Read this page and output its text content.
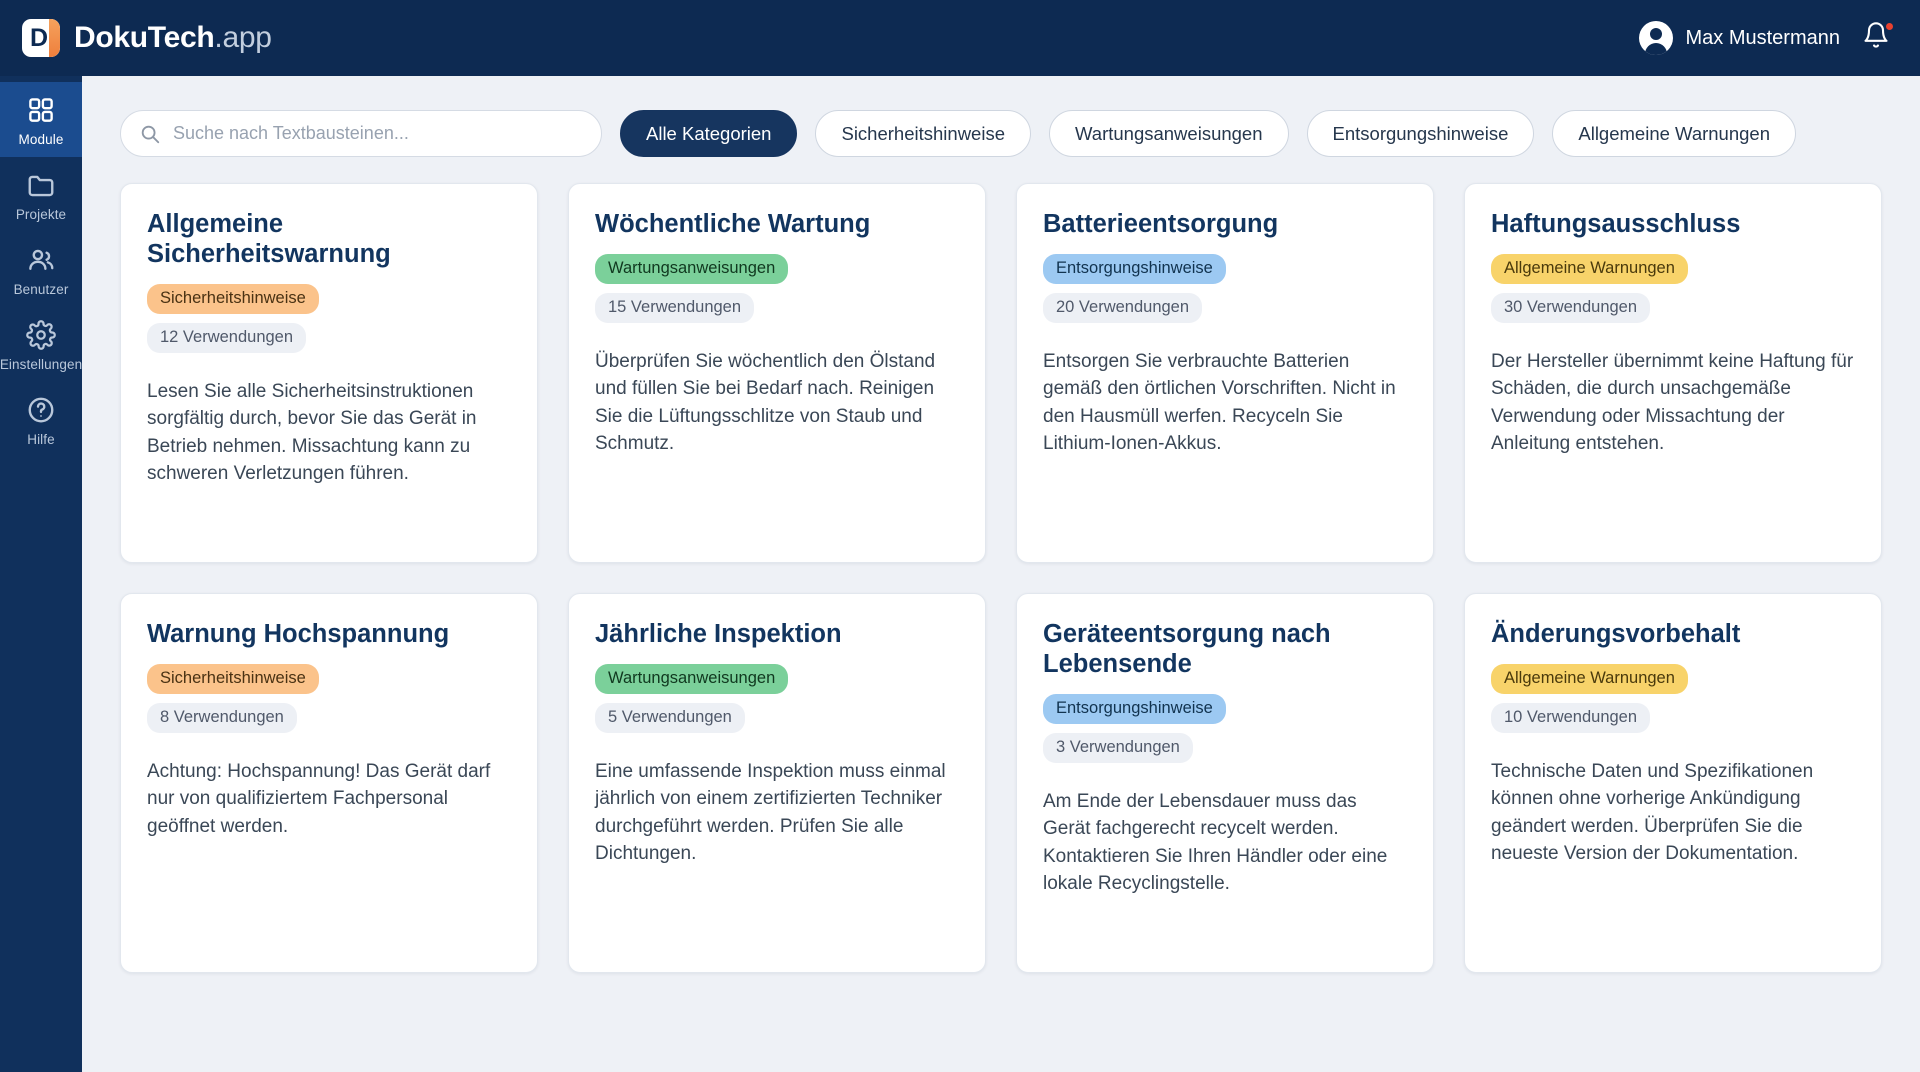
D DokuTech.app	Max Mustermann
Module
Projekte
Benutzer
Einstellungen
Hilfe
Suche nach Textbausteinen...
Alle Kategorien	Sicherheitshinweise	Wartungsanweisungen	Entsorgungshinweise	Allgemeine Warnungen
Allgemeine Sicherheitswarnung
Sicherheitshinweise
12 Verwendungen
Lesen Sie alle Sicherheitsinstruktionen sorgfältig durch, bevor Sie das Gerät in Betrieb nehmen. Missachtung kann zu schweren Verletzungen führen.
Wöchentliche Wartung
Wartungsanweisungen
15 Verwendungen
Überprüfen Sie wöchentlich den Ölstand und füllen Sie bei Bedarf nach. Reinigen Sie die Lüftungsschlitze von Staub und Schmutz.
Batterieentsorgung
Entsorgungshinweise
20 Verwendungen
Entsorgen Sie verbrauchte Batterien gemäß den örtlichen Vorschriften. Nicht in den Hausmüll werfen. Recyceln Sie Lithium-Ionen-Akkus.
Haftungsausschluss
Allgemeine Warnungen
30 Verwendungen
Der Hersteller übernimmt keine Haftung für Schäden, die durch unsachgemäße Verwendung oder Missachtung der Anleitung entstehen.
Warnung Hochspannung
Sicherheitshinweise
8 Verwendungen
Achtung: Hochspannung! Das Gerät darf nur von qualifiziertem Fachpersonal geöffnet werden.
Jährliche Inspektion
Wartungsanweisungen
5 Verwendungen
Eine umfassende Inspektion muss einmal jährlich von einem zertifizierten Techniker durchgeführt werden. Prüfen Sie alle Dichtungen.
Geräteentsorgung nach Lebensende
Entsorgungshinweise
3 Verwendungen
Am Ende der Lebensdauer muss das Gerät fachgerecht recycelt werden. Kontaktieren Sie Ihren Händler oder eine lokale Recyclingstelle.
Änderungsvorbehalt
Allgemeine Warnungen
10 Verwendungen
Technische Daten und Spezifikationen können ohne vorherige Ankündigung geändert werden. Überprüfen Sie die neueste Version der Dokumentation.
